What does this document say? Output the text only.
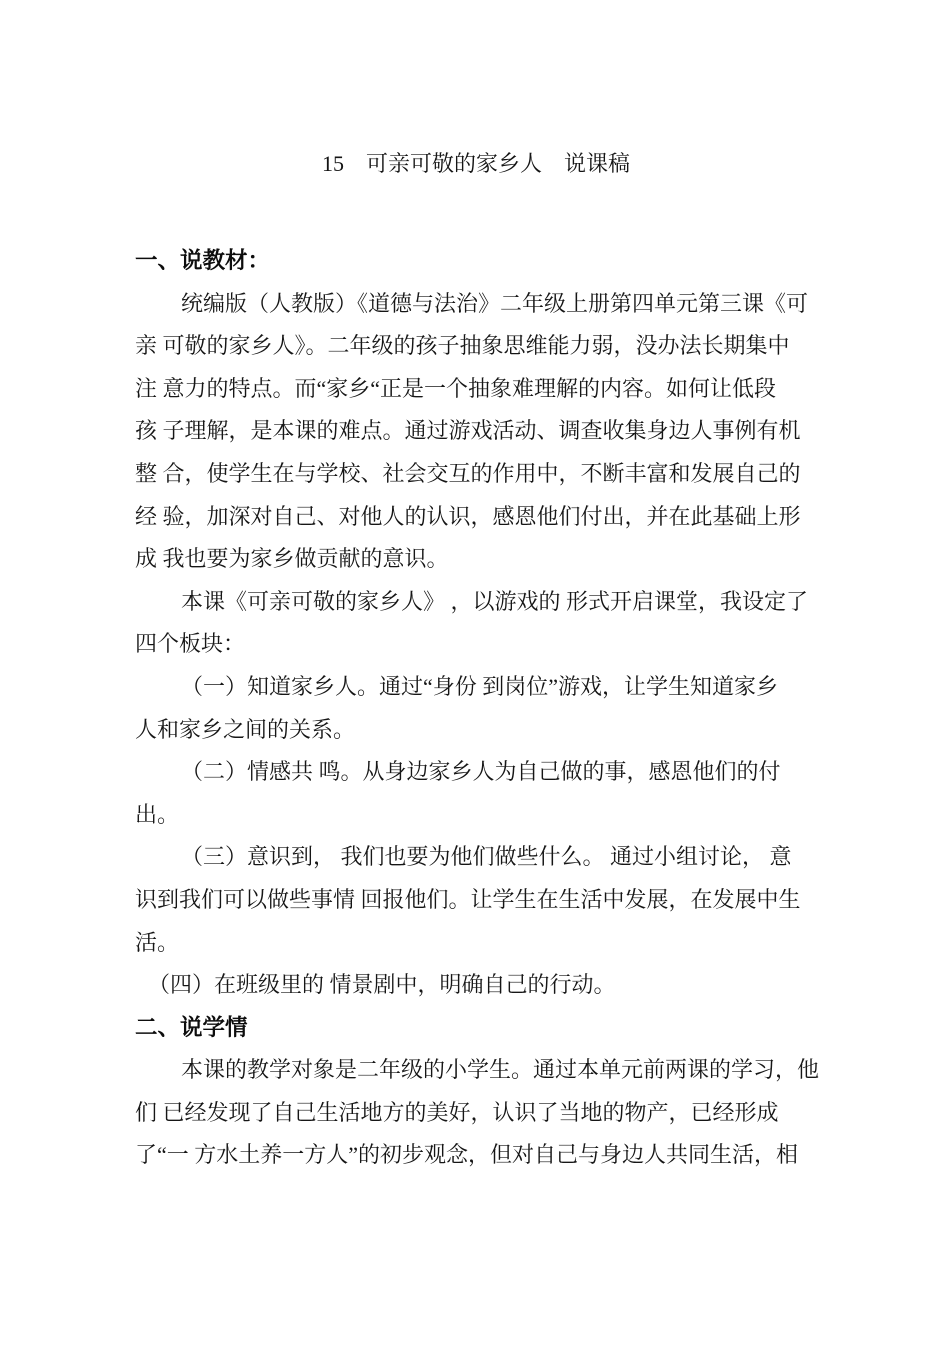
15　可亲可敬的家乡人　说课稿
一、说教材：
统编版（人教版）《道德与法治》二年级上册第四单元第三课《可
亲 可敬的家乡人》。二年级的孩子抽象思维能力弱，没办法长期集中
注 意力的特点。而“家乡“正是一个抽象难理解的内容。如何让低段
孩 子理解，是本课的难点。通过游戏活动、调查收集身边人事例有机
整 合，使学生在与学校、社会交互的作用中，不断丰富和发展自己的
经 验，加深对自己、对他人的认识，感恩他们付出，并在此基础上形
成 我也要为家乡做贡献的意识。
本课《可亲可敬的家乡人》 ，以游戏的 形式开启课堂，我设定了
四个板块：
（一）知道家乡人。通过“身份 到岗位”游戏，让学生知道家乡
人和家乡之间的关系。
（二）情感共 鸣。从身边家乡人为自己做的事，感恩他们的付
出。
（三）意识到， 我们也要为他们做些什么。 通过小组讨论， 意
识到我们可以做些事情 回报他们。让学生在生活中发展，在发展中生
活。
（四）在班级里的 情景剧中，明确自己的行动。
二、说学情
本课的教学对象是二年级的小学生。通过本单元前两课的学习，他
们 已经发现了自己生活地方的美好，认识了当地的物产，已经形成
了“一 方水土养一方人”的初步观念，但对自己与身边人共同生活，相
